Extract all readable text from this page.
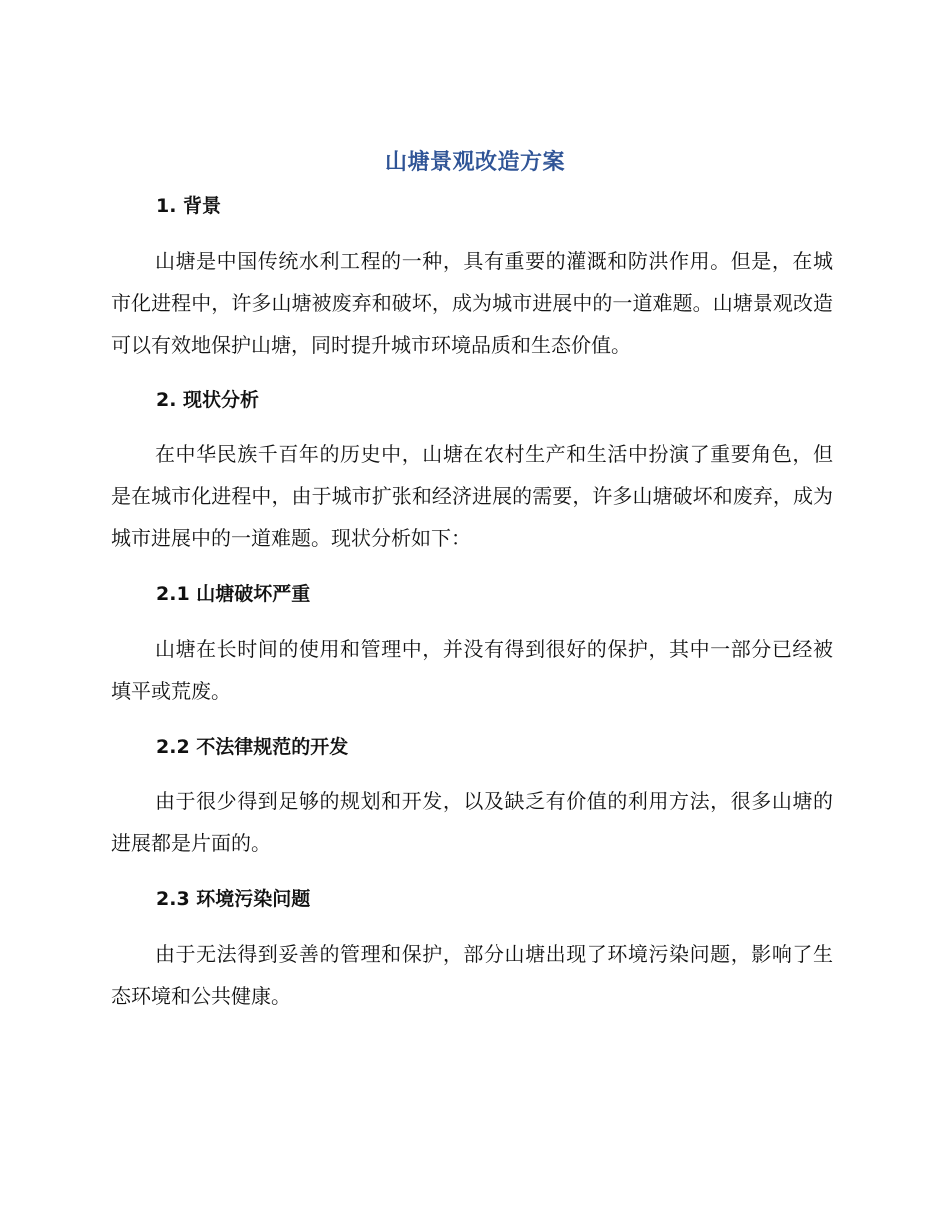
山塘景观改造方案
1. 背景

山塘是中国传统水利工程的一种，具有重要的灌溉和防洪作用。但是，在城市化进程中，许多山塘被废弃和破坏，成为城市进展中的一道难题。山塘景观改造可以有效地保护山塘，同时提升城市环境品质和生态价值。

2. 现状分析

在中华民族千百年的历史中，山塘在农村生产和生活中扮演了重要角色，但是在城市化进程中，由于城市扩张和经济进展的需要，许多山塘破坏和废弃，成为城市进展中的一道难题。现状分析如下：

2.1 山塘破坏严重

山塘在长时间的使用和管理中，并没有得到很好的保护，其中一部分已经被填平或荒废。

2.2 不法律规范的开发

由于很少得到足够的规划和开发，以及缺乏有价值的利用方法，很多山塘的进展都是片面的。

2.3 环境污染问题

由于无法得到妥善的管理和保护，部分山塘出现了环境污染问题，影响了生态环境和公共健康。
